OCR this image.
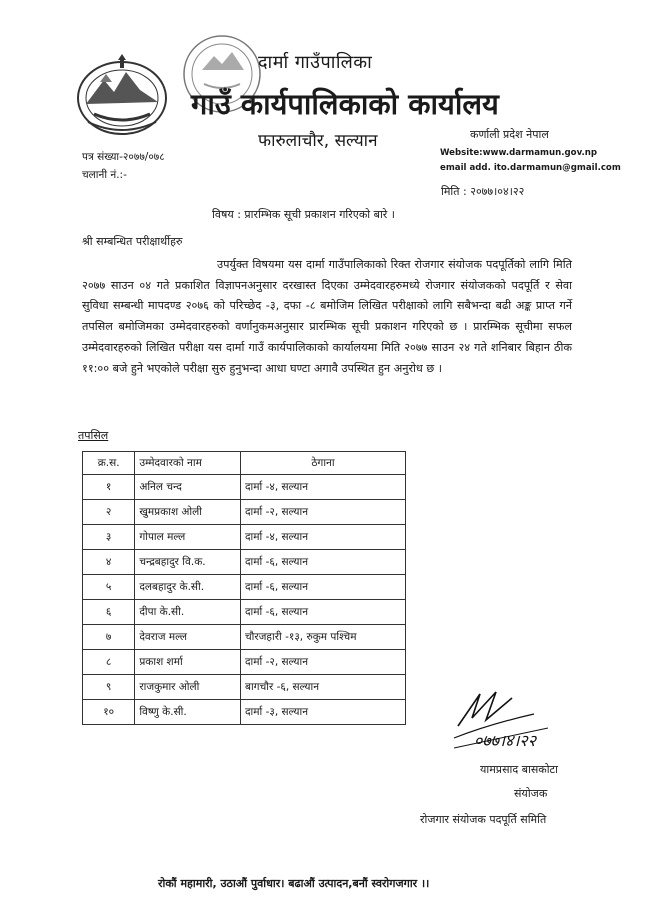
दार्मा गाउँपालिका
गाउँ कार्यपालिकाको कार्यालय
फारुलाचौर, सल्यान	कर्णाली प्रदेश नेपाल
Website:www.darmamun.gov.np
email add. ito.darmamun@gmail.com
पत्र संख्या-२०७७/०७८
चलानी नं.:-
मिति : २०७७।०४।२२
विषय : प्रारम्भिक सूची प्रकाशन गरिएको बारे ।
श्री सम्बन्धित परीक्षार्थीहरु
उपर्युक्त विषयमा यस दार्मा गाउँपालिकाको रिक्त रोजगार संयोजक पदपूर्तिको लागि मिति २०७७ साउन ०४ गते प्रकाशित विज्ञापनअनुसार दरखास्त दिएका उम्मेदवारहरुमध्ये रोजगार संयोजकको पदपूर्ति र सेवा सुविधा सम्बन्धी मापदण्ड २०७६ को परिच्छेद -३, दफा -८ बमोजिम लिखित परीक्षाको लागि सबैभन्दा बढी अङ्क प्राप्त गर्ने तपसिल बमोजिमका उम्मेदवारहरुको वर्णानुकमअनुसार प्रारम्भिक सूची प्रकाशन गरिएको छ । प्रारम्भिक सूचीमा सफल उम्मेदवारहरुको लिखित परीक्षा यस दार्मा गाउँ कार्यपालिकाको कार्यालयमा मिति २०७७ साउन २४ गते शनिबार बिहान ठीक ११:०० बजे हुने भएकोले परीक्षा सुरु हुनुभन्दा आधा घण्टा अगावै उपस्थित हुन अनुरोध छ ।
तपसिल
क्र.स.	उम्मेदवारको नाम	ठेगाना
१	अनिल चन्द	दार्मा -४, सल्यान
२	खुमप्रकाश ओली	दार्मा -२, सल्यान
३	गोपाल मल्ल	दार्मा -४, सल्यान
४	चन्द्रबहादुर वि.क.	दार्मा -६, सल्यान
५	दलबहादुर के.सी.	दार्मा -६, सल्यान
६	दीपा के.सी.	दार्मा -६, सल्यान
७	देवराज मल्ल	चौरजहारी -१३, रुकुम पश्चिम
८	प्रकाश शर्मा	दार्मा -२, सल्यान
९	राजकुमार ओली	बागचौर -६, सल्यान
१०	विष्णु के.सी.	दार्मा -३, सल्यान
०७७।४।२२
यामप्रसाद बासकोटा
संयोजक
रोजगार संयोजक पदपूर्ति समिति
रोकौं महामारी, उठाऔं पुर्वाधार। बढाऔं उत्पादन,बनौं स्वरोगजगार ।।
